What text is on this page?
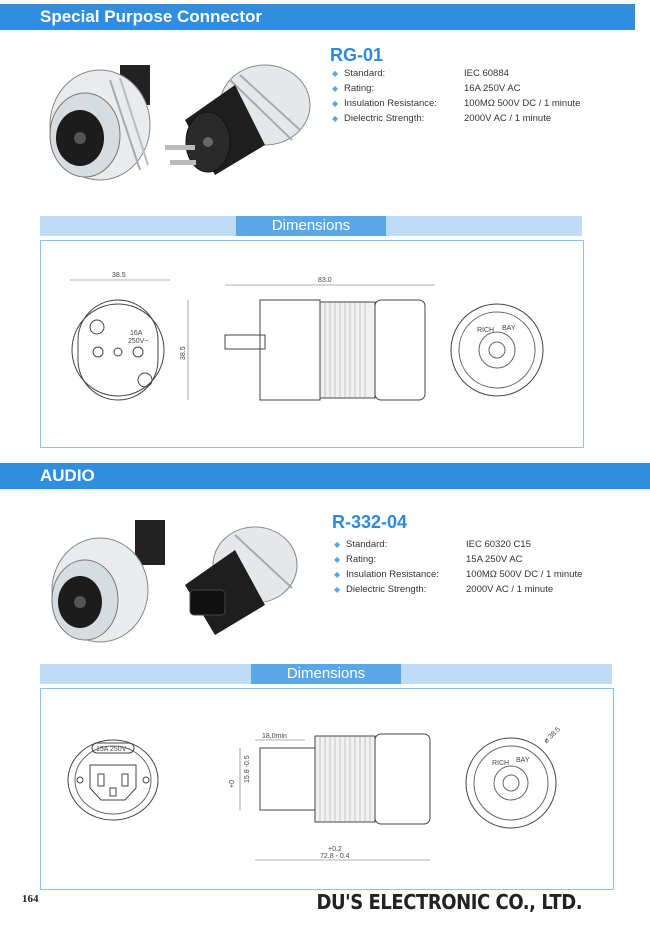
Special Purpose Connector
RG-01
◆ Standard:	IEC 60884
◆ Rating:	16A 250V AC
◆ Insulation Resistance:	100MΩ 500V DC / 1 minute
◆ Dielectric Strength:	2000V AC / 1 minute
Dimensions
38.5
16A
250V~
38.5
83.0
RICH BAY
AUDIO
R-332-04
◆ Standard:	IEC 60320 C15
◆ Rating:	15A 250V AC
◆ Insulation Resistance:	100MΩ 500V DC / 1 minute
◆ Dielectric Strength:	2000V AC / 1 minute
Dimensions
15A 250V~
18.0min
+0
15.8 -0.5
+0.2
72.8 - 0.4
RICH BAY
ø 38.5
164	DU'S ELECTRONIC CO., LTD.
